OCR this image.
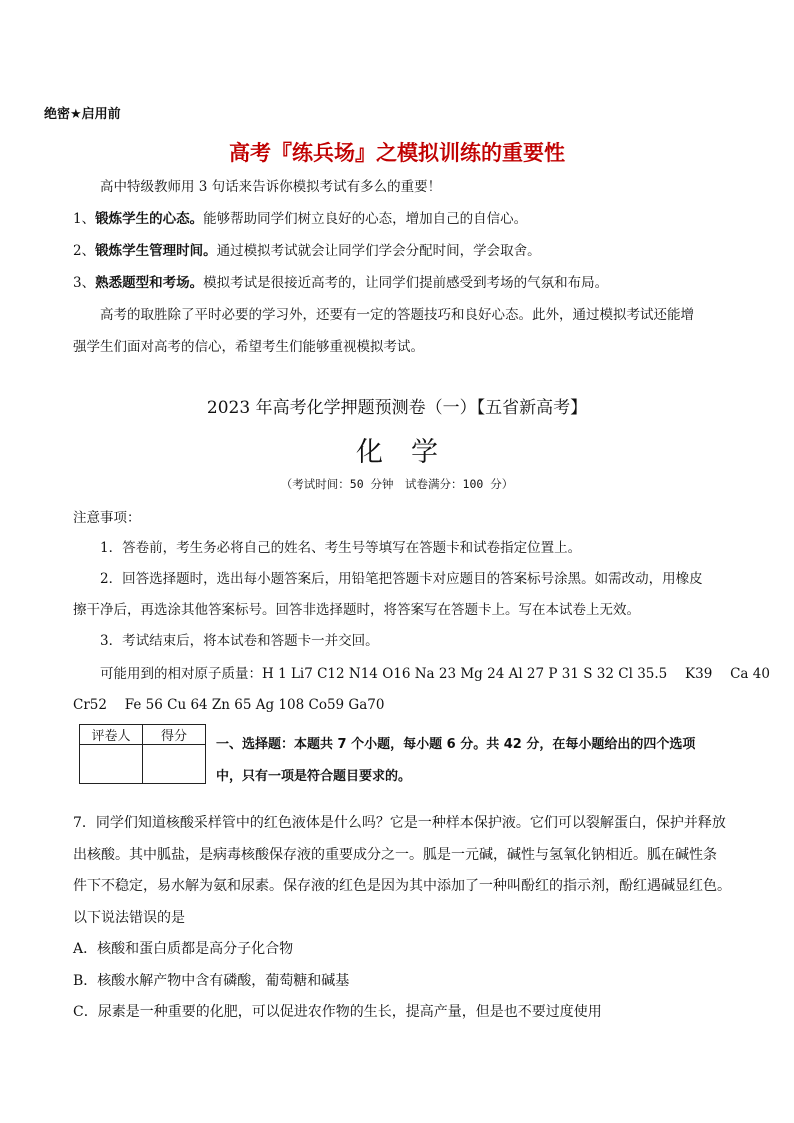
绝密★启用前
高考『练兵场』之模拟训练的重要性
高中特级教师用 3 句话来告诉你模拟考试有多么的重要！
1、锻炼学生的心态。能够帮助同学们树立良好的心态，增加自己的自信心。
2、锻炼学生管理时间。通过模拟考试就会让同学们学会分配时间，学会取舍。
3、熟悉题型和考场。模拟考试是很接近高考的，让同学们提前感受到考场的气氛和布局。
高考的取胜除了平时必要的学习外，还要有一定的答题技巧和良好心态。此外，通过模拟考试还能增
强学生们面对高考的信心，希望考生们能够重视模拟考试。
2023 年高考化学押题预测卷（一）【五省新高考】
化学
（考试时间：50 分钟　试卷满分：100 分）
注意事项：
1．答卷前，考生务必将自己的姓名、考生号等填写在答题卡和试卷指定位置上。
2．回答选择题时，选出每小题答案后，用铅笔把答题卡对应题目的答案标号涂黑。如需改动，用橡皮
擦干净后，再选涂其他答案标号。回答非选择题时，将答案写在答题卡上。写在本试卷上无效。
3．考试结束后，将本试卷和答题卡一并交回。
可能用到的相对原子质量：H 1 Li7 C12 N14 O16 Na 23 Mg 24 Al 27 P 31 S 32 Cl 35.5　 K39　 Ca 40
Cr52　 Fe 56 Cu 64 Zn 65 Ag 108 Co59 Ga70
评卷人	得分

一、选择题：本题共 7 个小题，每小题 6 分。共 42 分，在每小题给出的四个选项
中，只有一项是符合题目要求的。
7．同学们知道核酸采样管中的红色液体是什么吗？它是一种样本保护液。它们可以裂解蛋白，保护并释放
出核酸。其中胍盐，是病毒核酸保存液的重要成分之一。胍是一元碱，碱性与氢氧化钠相近。胍在碱性条
件下不稳定，易水解为氨和尿素。保存液的红色是因为其中添加了一种叫酚红的指示剂，酚红遇碱显红色。
以下说法错误的是
A．核酸和蛋白质都是高分子化合物
B．核酸水解产物中含有磷酸，葡萄糖和碱基
C．尿素是一种重要的化肥，可以促进农作物的生长，提高产量，但是也不要过度使用
